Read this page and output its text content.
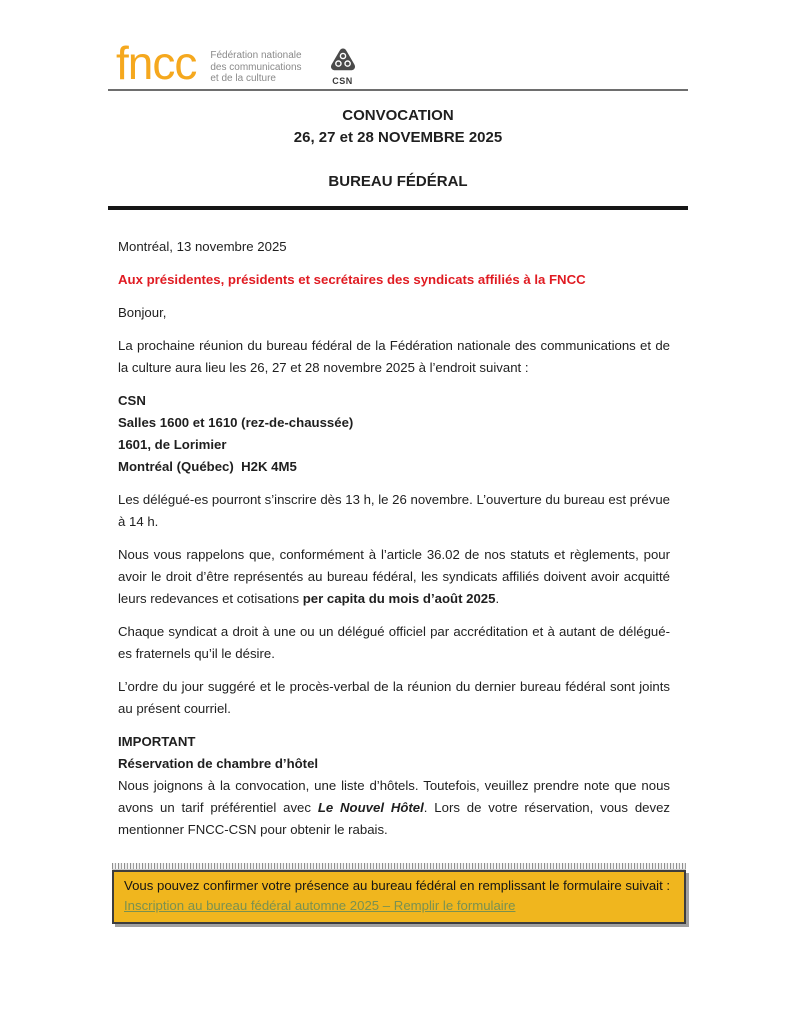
fncc Fédération nationale
des communications
et de la culture	CSN
CONVOCATION
26, 27 et 28 NOVEMBRE 2025
BUREAU FÉDÉRAL

Montréal, 13 novembre 2025

Aux présidentes, présidents et secrétaires des syndicats affiliés à la FNCC

Bonjour,

La prochaine réunion du bureau fédéral de la Fédération nationale des communications et de la culture aura lieu les 26, 27 et 28 novembre 2025 à l’endroit suivant :

CSN
Salles 1600 et 1610 (rez-de-chaussée)
1601, de Lorimier
Montréal (Québec)  H2K 4M5

Les délégué-es pourront s’inscrire dès 13 h, le 26 novembre. L’ouverture du bureau est prévue à 14 h.

Nous vous rappelons que, conformément à l’article 36.02 de nos statuts et règlements, pour avoir le droit d’être représentés au bureau fédéral, les syndicats affiliés doivent avoir acquitté leurs redevances et cotisations per capita du mois d’août 2025.

Chaque syndicat a droit à une ou un délégué officiel par accréditation et à autant de délégué-es fraternels qu’il le désire.

L’ordre du jour suggéré et le procès-verbal de la réunion du dernier bureau fédéral sont joints au présent courriel.

IMPORTANT

Réservation de chambre d’hôtel

Nous joignons à la convocation, une liste d’hôtels. Toutefois, veuillez prendre note que nous avons un tarif préférentiel avec Le Nouvel Hôtel. Lors de votre réservation, vous devez mentionner FNCC-CSN pour obtenir le rabais.

Vous pouvez confirmer votre présence au bureau fédéral en remplissant le formulaire suivait :
Inscription au bureau fédéral automne 2025 – Remplir le formulaire
